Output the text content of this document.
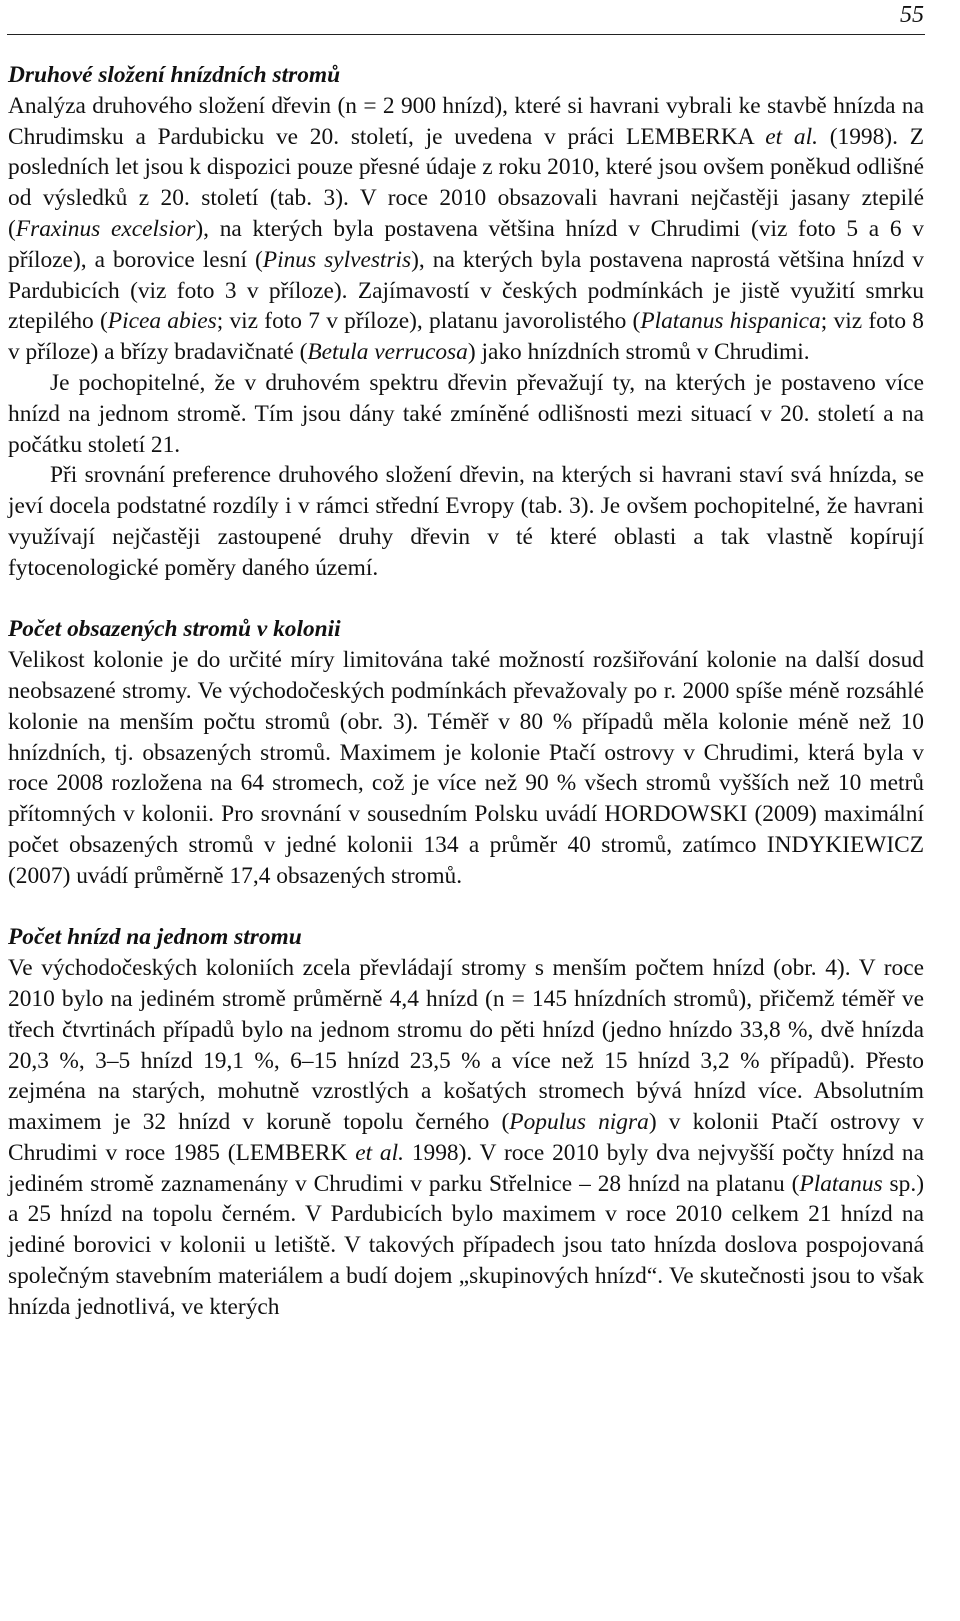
55

Druhové složení hnízdních stromů

Analýza druhového složení dřevin (n = 2 900 hnízd), které si havrani vybrali ke stavbě hnízda na Chrudimsku a Pardubicku ve 20. století, je uvedena v práci LEMBERKA et al. (1998). Z posledních let jsou k dispozici pouze přesné údaje z roku 2010, které jsou ovšem poněkud odlišné od výsledků z 20. století (tab. 3). V roce 2010 obsazovali havrani nejčastěji jasany ztepilé (Fraxinus excelsior), na kterých byla postavena většina hnízd v Chrudimi (viz foto 5 a 6 v příloze), a borovice lesní (Pinus sylvestris), na kterých byla postavena naprostá většina hnízd v Pardubicích (viz foto 3 v příloze). Zajímavostí v českých podmínkách je jistě využití smrku ztepilého (Picea abies; viz foto 7 v příloze), platanu javorolistého (Platanus hispanica; viz foto 8 v příloze) a břízy bradavičnaté (Betula verrucosa) jako hnízdních stromů v Chrudimi.

Je pochopitelné, že v druhovém spektru dřevin převažují ty, na kterých je postaveno více hnízd na jednom stromě. Tím jsou dány také zmíněné odlišnosti mezi situací v 20. století a na počátku století 21.

Při srovnání preference druhového složení dřevin, na kterých si havrani staví svá hnízda, se jeví docela podstatné rozdíly i v rámci střední Evropy (tab. 3). Je ovšem pochopitelné, že havrani využívají nejčastěji zastoupené druhy dřevin v té které oblasti a tak vlastně kopírují fytocenologické poměry daného území.

Počet obsazených stromů v kolonii

Velikost kolonie je do určité míry limitována také možností rozšiřování kolonie na další dosud neobsazené stromy. Ve východočeských podmínkách převažovaly po r. 2000 spíše méně rozsáhlé kolonie na menším počtu stromů (obr. 3). Téměř v 80 % případů měla kolonie méně než 10 hnízdních, tj. obsazených stromů. Maximem je kolonie Ptačí ostrovy v Chrudimi, která byla v roce 2008 rozložena na 64 stromech, což je více než 90 % všech stromů vyšších než 10 metrů přítomných v kolonii. Pro srovnání v sousedním Polsku uvádí HORDOWSKI (2009) maximální počet obsazených stromů v jedné kolonii 134 a průměr 40 stromů, zatímco INDYKIEWICZ (2007) uvádí průměrně 17,4 obsazených stromů.

Počet hnízd na jednom stromu

Ve východočeských koloniích zcela převládají stromy s menším počtem hnízd (obr. 4). V roce 2010 bylo na jediném stromě průměrně 4,4 hnízd (n = 145 hnízdních stromů), přičemž téměř ve třech čtvrtinách případů bylo na jednom stromu do pěti hnízd (jedno hnízdo 33,8 %, dvě hnízda 20,3 %, 3–5 hnízd 19,1 %, 6–15 hnízd 23,5 % a více než 15 hnízd 3,2 % případů). Přesto zejména na starých, mohutně vzrostlých a košatých stromech bývá hnízd více. Absolutním maximem je 32 hnízd v koruně topolu černého (Populus nigra) v kolonii Ptačí ostrovy v Chrudimi v roce 1985 (LEMBERK et al. 1998). V roce 2010 byly dva nejvyšší počty hnízd na jediném stromě zaznamenány v Chrudimi v parku Střelnice – 28 hnízd na platanu (Platanus sp.) a 25 hnízd na topolu černém. V Pardubicích bylo maximem v roce 2010 celkem 21 hnízd na jediné borovici v kolonii u letiště. V takových případech jsou tato hnízda doslova pospojovaná společným stavebním materiálem a budí dojem „skupinových hnízd“. Ve skutečnosti jsou to však hnízda jednotlivá, ve kterých
